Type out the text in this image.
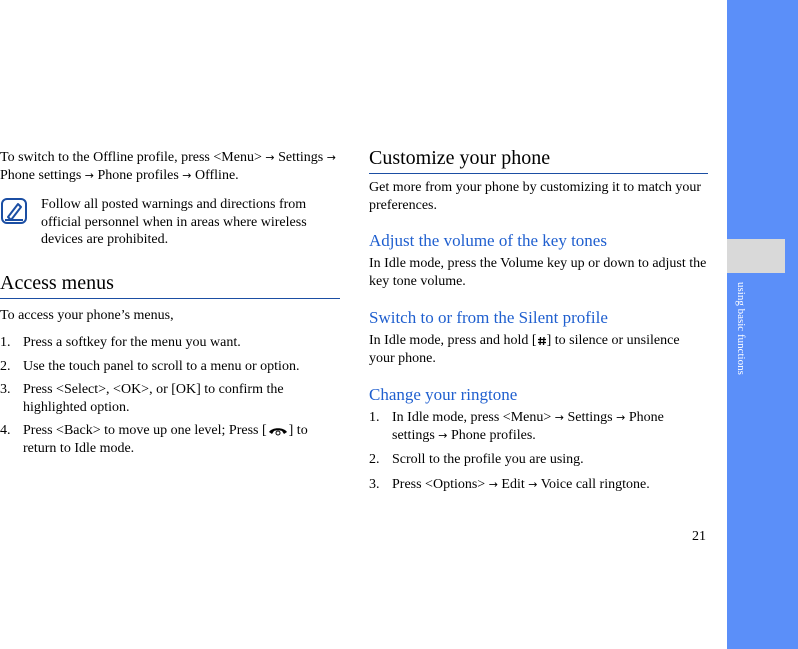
using basic functions

To switch to the Offline profile, press <Menu> → Settings → Phone settings → Phone profiles → Offline.

Follow all posted warnings and directions from official personnel when in areas where wireless devices are prohibited.

Access menus

To access your phone’s menus,

1. Press a softkey for the menu you want.
2. Use the touch panel to scroll to a menu or option.
3. Press <Select>, <OK>, or [OK] to confirm the highlighted option.
4. Press <Back> to move up one level; Press [ ] to return to Idle mode.
Customize your phone

Get more from your phone by customizing it to match your preferences.

Adjust the volume of the key tones

In Idle mode, press the Volume key up or down to adjust the key tone volume.

Switch to or from the Silent profile

In Idle mode, press and hold [ ] to silence or unsilence your phone.

Change your ringtone
1. In Idle mode, press <Menu> → Settings → Phone settings → Phone profiles.
2. Scroll to the profile you are using.
3. Press <Options> → Edit → Voice call ringtone.
21
